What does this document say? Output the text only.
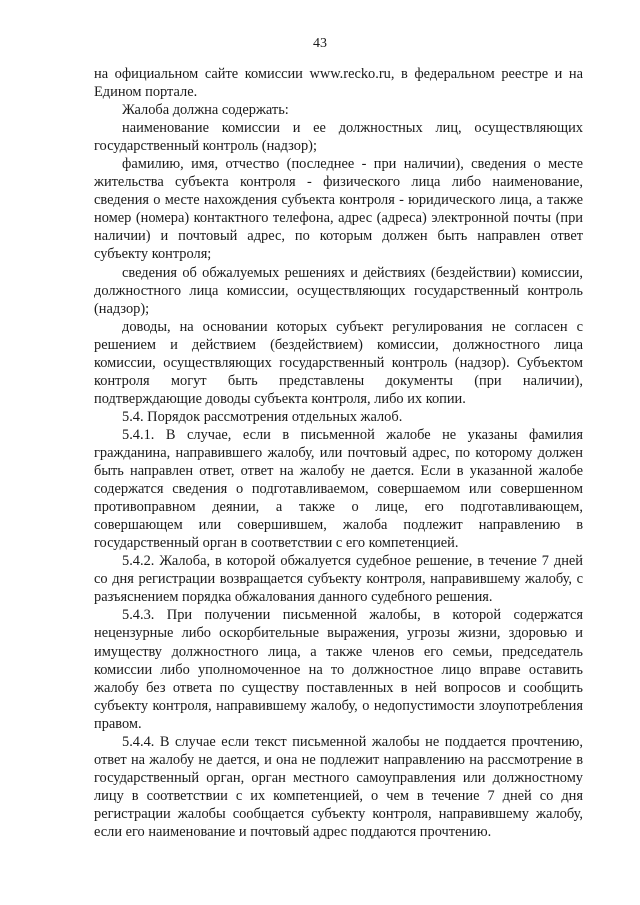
43

на официальном сайте комиссии www.recko.ru, в федеральном реестре и на Едином портале.

Жалоба должна содержать:

наименование комиссии и ее должностных лиц, осуществляющих государственный контроль (надзор);

фамилию, имя, отчество (последнее - при наличии), сведения о месте жительства субъекта контроля - физического лица либо наименование, сведения о месте нахождения субъекта контроля - юридического лица, а также номер (номера) контактного телефона, адрес (адреса) электронной почты (при наличии) и почтовый адрес, по которым должен быть направлен ответ субъекту контроля;

сведения об обжалуемых решениях и действиях (бездействии) комиссии, должностного лица комиссии, осуществляющих государственный контроль (надзор);

доводы, на основании которых субъект регулирования не согласен с решением и действием (бездействием) комиссии, должностного лица комиссии, осуществляющих государственный контроль (надзор). Субъектом контроля могут быть представлены документы (при наличии), подтверждающие доводы субъекта контроля, либо их копии.

5.4. Порядок рассмотрения отдельных жалоб.

5.4.1. В случае, если в письменной жалобе не указаны фамилия гражданина, направившего жалобу, или почтовый адрес, по которому должен быть направлен ответ, ответ на жалобу не дается. Если в указанной жалобе содержатся сведения о подготавливаемом, совершаемом или совершенном противоправном деянии, а также о лице, его подготавливающем, совершающем или совершившем, жалоба подлежит направлению в государственный орган в соответствии с его компетенцией.

5.4.2. Жалоба, в которой обжалуется судебное решение, в течение 7 дней со дня регистрации возвращается субъекту контроля, направившему жалобу, с разъяснением порядка обжалования данного судебного решения.

5.4.3. При получении письменной жалобы, в которой содержатся нецензурные либо оскорбительные выражения, угрозы жизни, здоровью и имуществу должностного лица, а также членов его семьи, председатель комиссии либо уполномоченное на то должностное лицо вправе оставить жалобу без ответа по существу поставленных в ней вопросов и сообщить субъекту контроля, направившему жалобу, о недопустимости злоупотребления правом.

5.4.4. В случае если текст письменной жалобы не поддается прочтению, ответ на жалобу не дается, и она не подлежит направлению на рассмотрение в государственный орган, орган местного самоуправления или должностному лицу в соответствии с их компетенцией, о чем в течение 7 дней со дня регистрации жалобы сообщается субъекту контроля, направившему жалобу, если его наименование и почтовый адрес поддаются прочтению.
